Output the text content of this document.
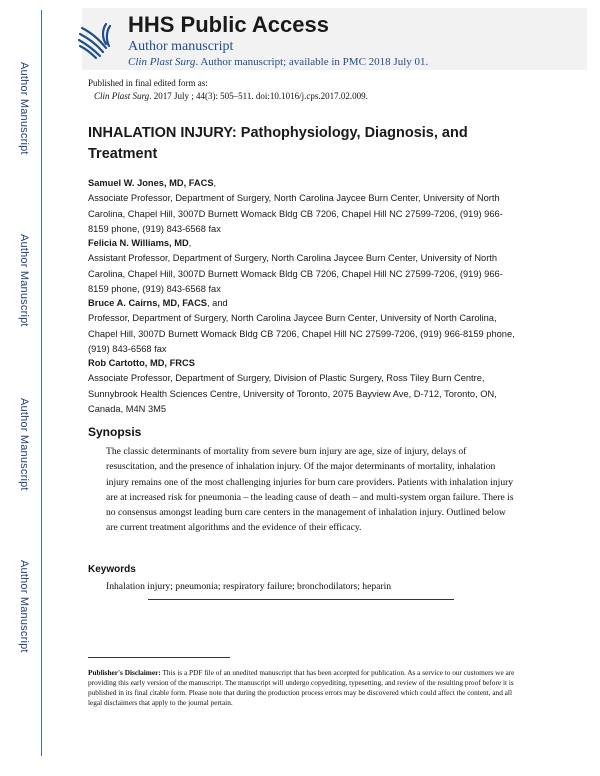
Author Manuscript
Author Manuscript
Author Manuscript
Author Manuscript
HHS Public Access
Author manuscript
Clin Plast Surg. Author manuscript; available in PMC 2018 July 01.
Published in final edited form as:
Clin Plast Surg. 2017 July ; 44(3): 505–511. doi:10.1016/j.cps.2017.02.009.
INHALATION INJURY: Pathophysiology, Diagnosis, and Treatment
Samuel W. Jones, MD, FACS,
Associate Professor, Department of Surgery, North Carolina Jaycee Burn Center, University of North Carolina, Chapel Hill, 3007D Burnett Womack Bldg CB 7206, Chapel Hill NC 27599-7206, (919) 966-8159 phone, (919) 843-6568 fax
Felicia N. Williams, MD,
Assistant Professor, Department of Surgery, North Carolina Jaycee Burn Center, University of North Carolina, Chapel Hill, 3007D Burnett Womack Bldg CB 7206, Chapel Hill NC 27599-7206, (919) 966-8159 phone, (919) 843-6568 fax
Bruce A. Cairns, MD, FACS, and
Professor, Department of Surgery, North Carolina Jaycee Burn Center, University of North Carolina, Chapel Hill, 3007D Burnett Womack Bldg CB 7206, Chapel Hill NC 27599-7206, (919) 966-8159 phone, (919) 843-6568 fax
Rob Cartotto, MD, FRCS
Associate Professor, Department of Surgery, Division of Plastic Surgery, Ross Tiley Burn Centre, Sunnybrook Health Sciences Centre, University of Toronto, 2075 Bayview Ave, D-712, Toronto, ON, Canada, M4N 3M5
Synopsis
The classic determinants of mortality from severe burn injury are age, size of injury, delays of resuscitation, and the presence of inhalation injury. Of the major determinants of mortality, inhalation injury remains one of the most challenging injuries for burn care providers. Patients with inhalation injury are at increased risk for pneumonia – the leading cause of death – and multi-system organ failure. There is no consensus amongst leading burn care centers in the management of inhalation injury. Outlined below are current treatment algorithms and the evidence of their efficacy.
Keywords
Inhalation injury; pneumonia; respiratory failure; bronchodilators; heparin
Publisher's Disclaimer: This is a PDF file of an unedited manuscript that has been accepted for publication. As a service to our customers we are providing this early version of the manuscript. The manuscript will undergo copyediting, typesetting, and review of the resulting proof before it is published in its final citable form. Please note that during the production process errors may be discovered which could affect the content, and all legal disclaimers that apply to the journal pertain.
